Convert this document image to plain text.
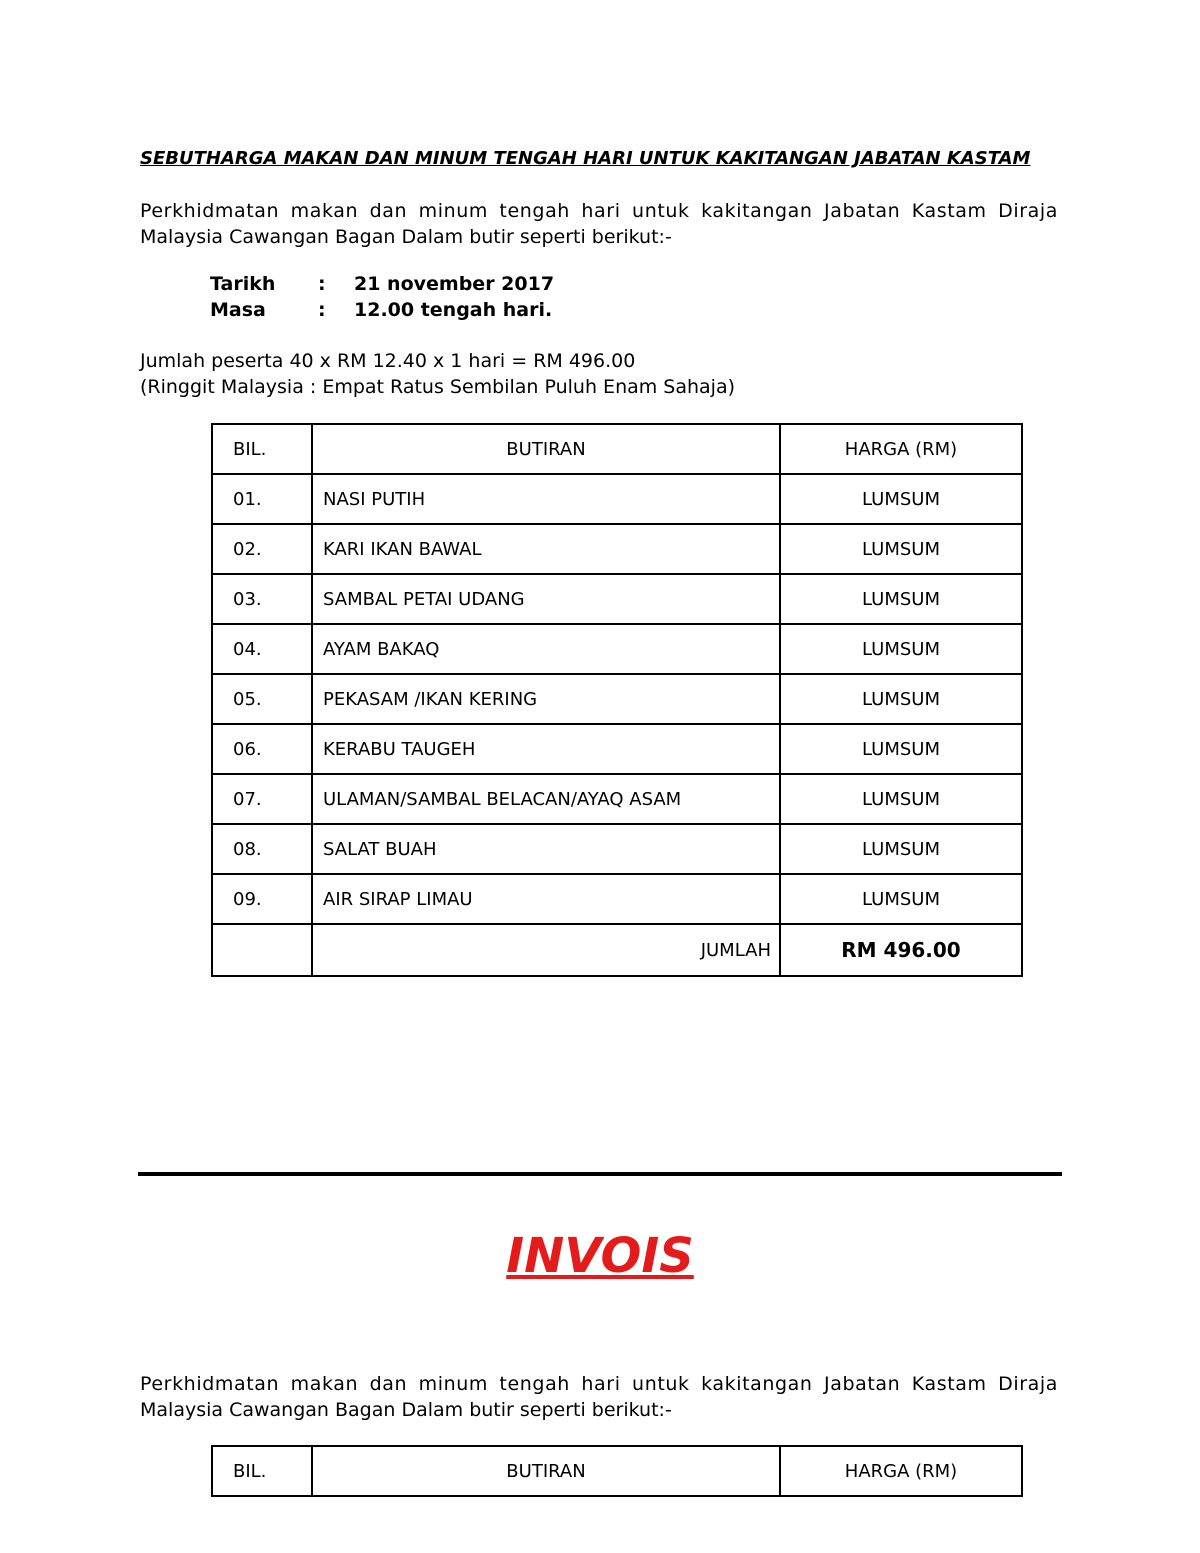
SEBUTHARGA MAKAN DAN MINUM TENGAH HARI UNTUK KAKITANGAN JABATAN KASTAM
Perkhidmatan makan dan minum tengah hari untuk kakitangan Jabatan Kastam Diraja
Malaysia Cawangan Bagan Dalam butir seperti berikut:-
Tarikh : 21 november 2017
Masa	: 12.00 tengah hari.
Jumlah peserta 40 x RM 12.40 x 1 hari = RM 496.00
(Ringgit Malaysia : Empat Ratus Sembilan Puluh Enam Sahaja)
BIL.	BUTIRAN	HARGA (RM)
01.	NASI PUTIH	LUMSUM
02.	KARI IKAN BAWAL	LUMSUM
03.	SAMBAL PETAI UDANG	LUMSUM
04.	AYAM BAKAQ	LUMSUM
05.	PEKASAM /IKAN KERING	LUMSUM
06.	KERABU TAUGEH	LUMSUM
07.	ULAMAN/SAMBAL BELACAN/AYAQ ASAM	LUMSUM
08.	SALAT BUAH	LUMSUM
09.	AIR SIRAP LIMAU	LUMSUM
	JUMLAH	RM 496.00
INVOIS
Perkhidmatan makan dan minum tengah hari untuk kakitangan Jabatan Kastam Diraja
Malaysia Cawangan Bagan Dalam butir seperti berikut:-
BIL.	BUTIRAN	HARGA (RM)
